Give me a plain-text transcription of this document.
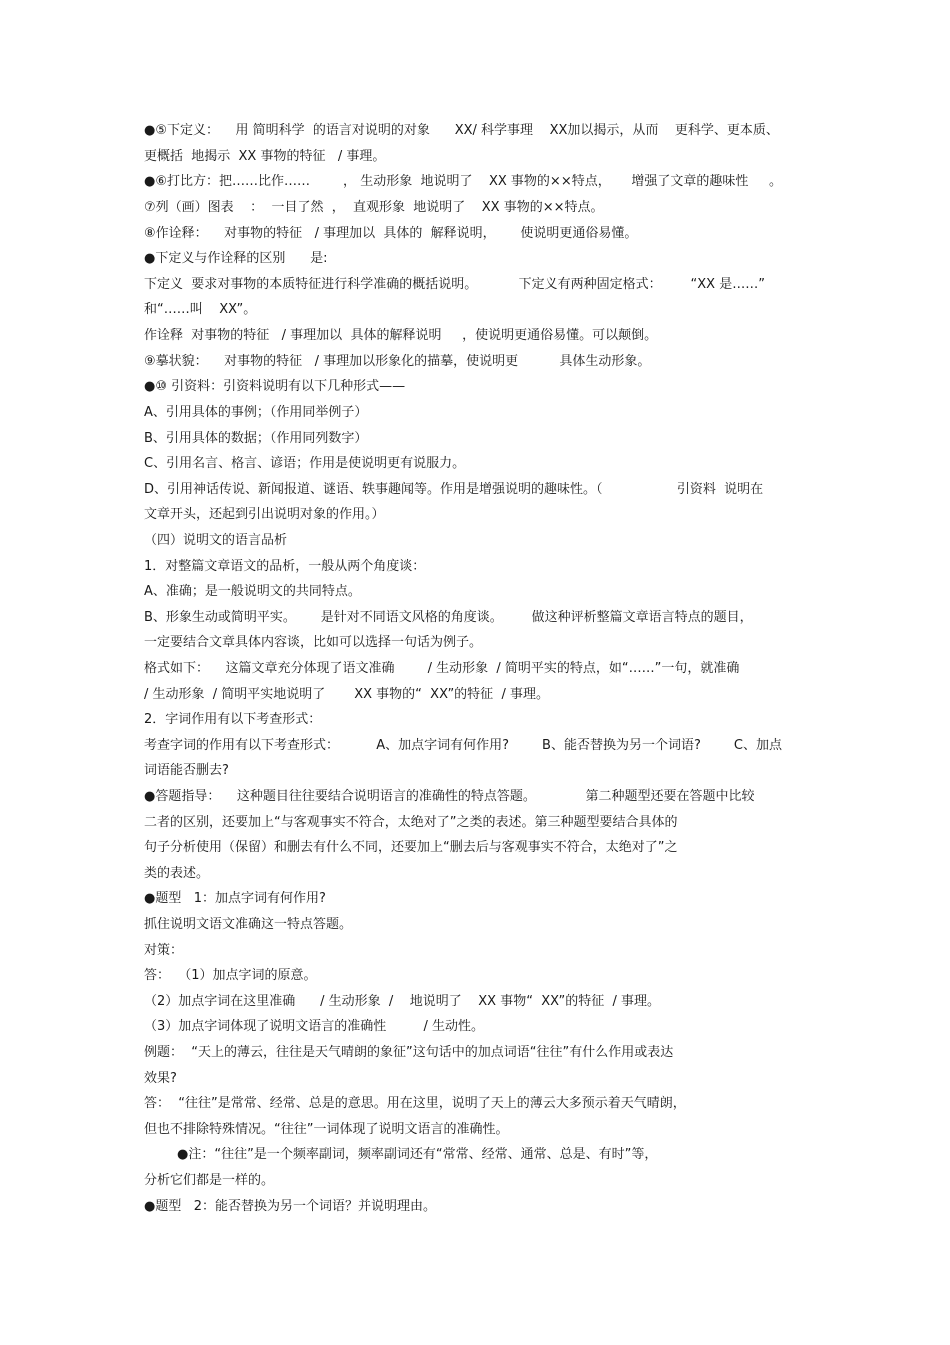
●⑤下定义：    用 简明科学  的语言对说明的对象      XX/ 科学事理    XX加以揭示，从而    更科学、更本质、
更概括  地揭示  XX 事物的特征   / 事理。
●⑥打比方：把……比作……        ， 生动形象  地说明了    XX 事物的××特点，     增强了文章的趣味性     。
⑦列（画）图表    ：  一目了然  ，  直观形象  地说明了    XX 事物的××特点。
⑧作诠释：    对事物的特征   / 事理加以  具体的  解释说明，      使说明更通俗易懂。
●下定义与作诠释的区别      是:
下定义  要求对事物的本质特征进行科学准确的概括说明。          下定义有两种固定格式：       “XX 是……”
和“……叫    XX”。
作诠释  对事物的特征   / 事理加以  具体的解释说明     ，使说明更通俗易懂。可以颠倒。
⑨摹状貌：    对事物的特征   / 事理加以形象化的描摹，使说明更          具体生动形象。
●⑩ 引资料：引资料说明有以下几种形式——
A、引用具体的事例；（作用同举例子）
B、引用具体的数据；（作用同列数字）
C、引用名言、格言、谚语；作用是使说明更有说服力。
D、引用神话传说、新闻报道、谜语、轶事趣闻等。作用是增强说明的趣味性。（                  引资料  说明在
文章开头，还起到引出说明对象的作用。）
（四）说明文的语言品析
1．对整篇文章语文的品析，一般从两个角度谈：
A、准确；是一般说明文的共同特点。
B、形象生动或简明平实。      是针对不同语文风格的角度谈。       做这种评析整篇文章语言特点的题目，
一定要结合文章具体内容谈，比如可以选择一句话为例子。
格式如下：    这篇文章充分体现了语文准确        / 生动形象  / 简明平实的特点，如“……”一句，就准确
/ 生动形象  / 简明平实地说明了       XX 事物的“  XX”的特征  / 事理。
2．字词作用有以下考查形式：
考查字词的作用有以下考查形式：         A、加点字词有何作用?        B、能否替换为另一个词语?        C、加点
词语能否删去?
●答题指导：    这种题目往往要结合说明语言的准确性的特点答题。            第二种题型还要在答题中比较
二者的区别，还要加上“与客观事实不符合，太绝对了”之类的表述。第三种题型要结合具体的
句子分析使用（保留）和删去有什么不同，还要加上“删去后与客观事实不符合，太绝对了”之
类的表述。
●题型   1：加点字词有何作用?
抓住说明文语文准确这一特点答题。
对策：
答：  （1）加点字词的原意。
（2）加点字词在这里准确      / 生动形象  /    地说明了    XX 事物“  XX”的特征  / 事理。
（3）加点字词体现了说明文语言的准确性         / 生动性。
例题：  “天上的薄云，往往是天气晴朗的象征”这句话中的加点词语“往往”有什么作用或表达
效果?
答：  “往往”是常常、经常、总是的意思。用在这里，说明了天上的薄云大多预示着天气晴朗，
但也不排除特殊情况。“往往”一词体现了说明文语言的准确性。
●注：“往往”是一个频率副词，频率副词还有“常常、经常、通常、总是、有时”等，
分析它们都是一样的。
●题型   2：能否替换为另一个词语？并说明理由。
